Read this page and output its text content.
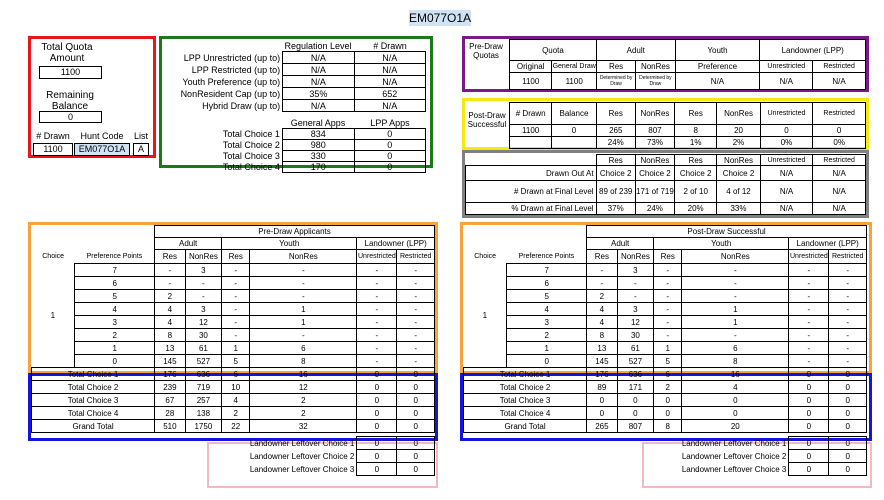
EM077O1A
Total Quota Amount
1100
Remaining Balance
0
# Drawn	Hunt Code	List
1100	EM077O1A	A
	Regulation Level	# Drawn
LPP Unrestricted (up to)	N/A	N/A
LPP Restricted (up to)	N/A	N/A
Youth Preference (up to)	N/A	N/A
NonResident Cap (up to)	35%	652
Hybrid Draw (up to)	N/A	N/A
	General Apps	LPP Apps
Total Choice 1	834	0
Total Choice 2	980	0
Total Choice 3	330	0
Total Choice 4	170	0
Pre-Draw Quotas
Quota		Adult		Youth	Landowner (LPP)	
Original	General Draw	Res	NonRes	Preference	Unrestricted	Restricted
1100	1100	Determined by Draw	Determined by Draw	N/A	N/A	N/A
Post-Draw Successful
# Drawn	Balance	Res	NonRes	Res	NonRes	Unrestricted	Restricted
1100	0	265	807	8	20	0	0
		24%	73%	1%	2%	0%	0%
	Res	NonRes	Res	NonRes	Unrestricted	Restricted
Drawn Out At	Choice 2	Choice 2	Choice 2	Choice 2	N/A	N/A
# Drawn at Final Level	89 of 239	171 of 719	2 of 10	4 of 12	N/A	N/A
% Drawn at Final Level	37%	24%	20%	33%	N/A	N/A
		Pre-Draw Applicants					
		Adult		Youth		Landowner (LPP)	
Choice	Preference Points	Res	NonRes	Res	NonRes	Unrestricted	Restricted
1	7	-	3	-	-	-	-
	6	-	-	-	-	-	-
	5	2	-	-	-	-	-
	4	4	3	-	1	-	-
	3	4	12	-	1	-	-
	2	8	30	-	-	-	-
	1	13	61	1	6	-	-
	0	145	527	5	8	-	-
Total Choice 1		176	636	6	16	0	0
Total Choice 2		239	719	10	12	0	0
Total Choice 3		67	257	4	2	0	0
Total Choice 4		28	138	2	2	0	0
Grand Total		510	1750	22	32	0	0

					Landowner Leftover Choice 1	0	0
					Landowner Leftover Choice 2	0	0
					Landowner Leftover Choice 3	0	0
		Post-Draw Successful					
		Adult		Youth		Landowner (LPP)	
Choice	Preference Points	Res	NonRes	Res	NonRes	Unrestricted	Restricted
1	7	-	3	-	-	-	-
	6	-	-	-	-	-	-
	5	2	-	-	-	-	-
	4	4	3	-	1	-	-
	3	4	12	-	1	-	-
	2	8	30	-	-	-	-
	1	13	61	1	6	-	-
	0	145	527	5	8	-	-
Total Choice 1		176	636	6	16	0	0
Total Choice 2		89	171	2	4	0	0
Total Choice 3		0	0	0	0	0	0
Total Choice 4		0	0	0	0	0	0
Grand Total		265	807	8	20	0	0

					Landowner Leftover Choice 1	0	0
					Landowner Leftover Choice 2	0	0
					Landowner Leftover Choice 3	0	0
